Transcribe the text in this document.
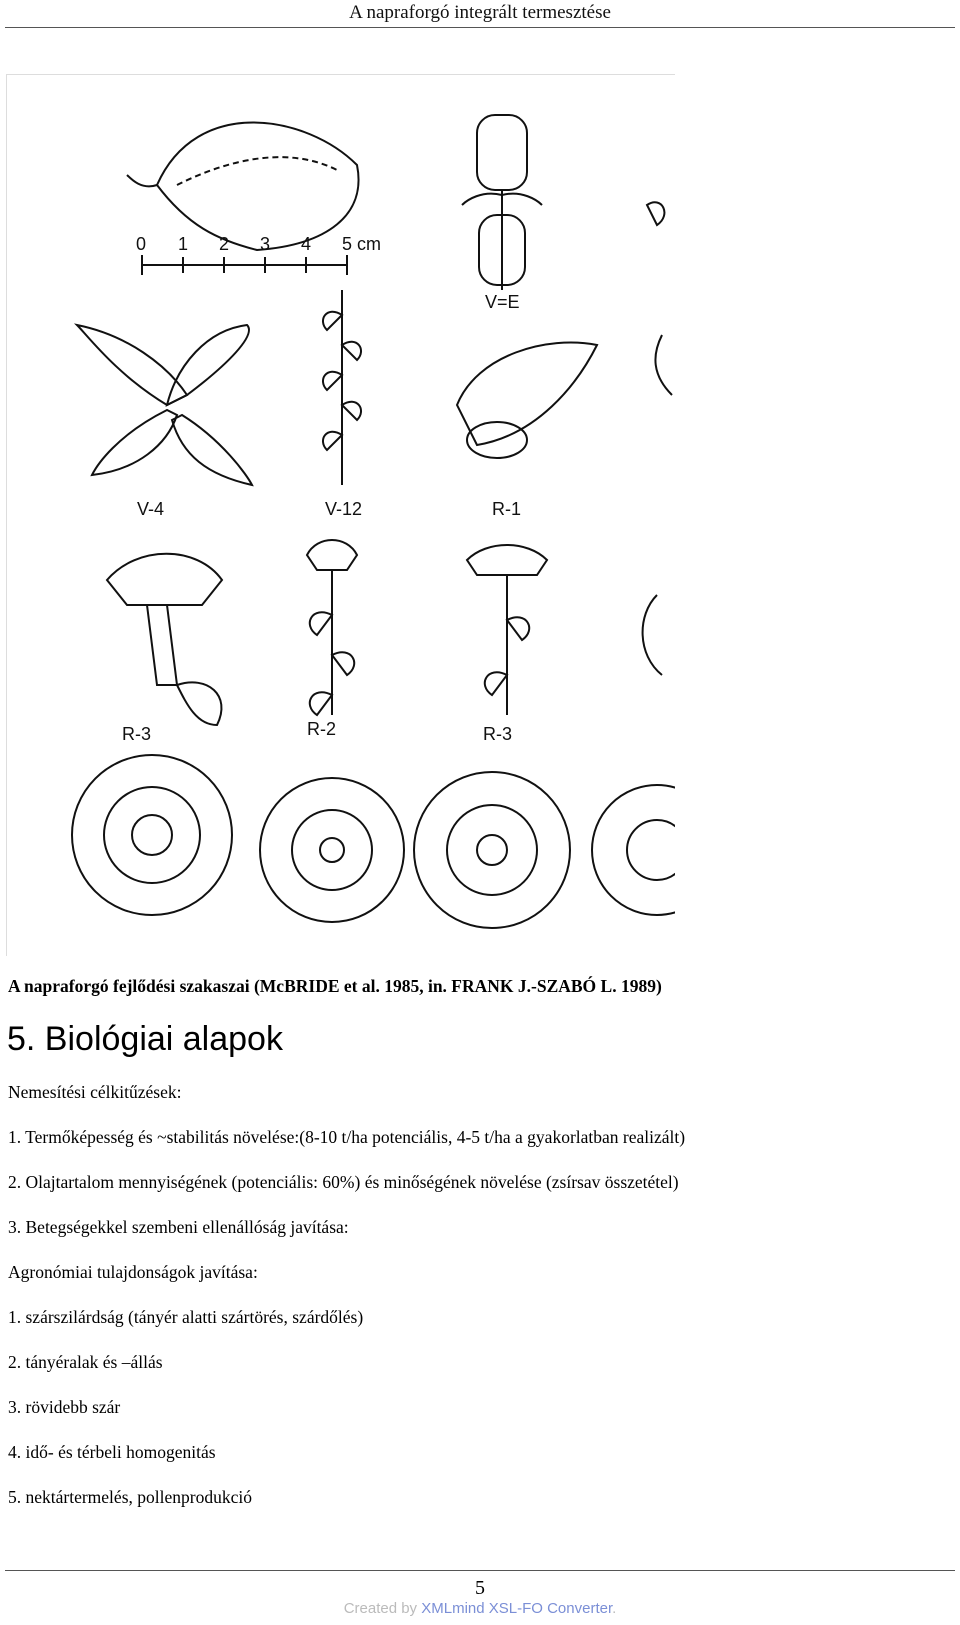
A napraforgó integrált termesztése
0 1 2 3 4 5 cm
V=E
V-4	V-12	R-1
R-3	R-2	R-3
A napraforgó fejlődési szakaszai (McBRIDE et al. 1985, in. FRANK J.-SZABÓ L. 1989)
5. Biológiai alapok
Nemesítési célkitűzések:
1. Termőképesség és ~stabilitás növelése:(8-10 t/ha potenciális, 4-5 t/ha a gyakorlatban realizált)
2. Olajtartalom mennyiségének (potenciális: 60%) és minőségének növelése (zsírsav összetétel)
3. Betegségekkel szembeni ellenállóság javítása:
Agronómiai tulajdonságok javítása:
1. szárszilárdság (tányér alatti szártörés, szárdőlés)
2. tányéralak és –állás
3. rövidebb szár
4. idő- és térbeli homogenitás
5. nektártermelés, pollenprodukció
5
Created by XMLmind XSL-FO Converter.
